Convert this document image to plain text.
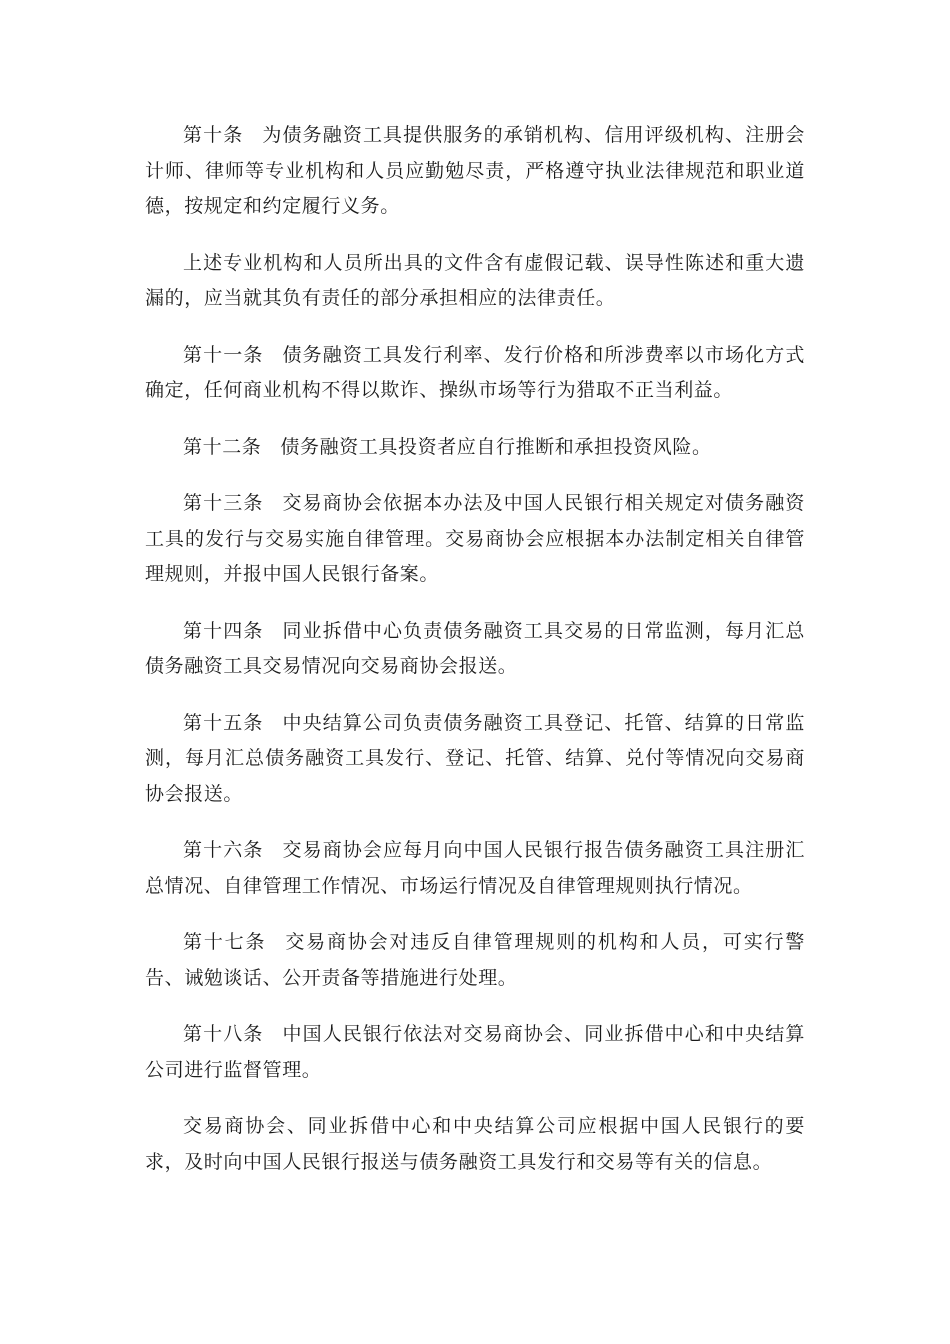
第十条 为债务融资工具提供服务的承销机构、信用评级机构、注册会计师、律师等专业机构和人员应勤勉尽责，严格遵守执业法律规范和职业道德，按规定和约定履行义务。

上述专业机构和人员所出具的文件含有虚假记载、误导性陈述和重大遗漏的，应当就其负有责任的部分承担相应的法律责任。

第十一条 债务融资工具发行利率、发行价格和所涉费率以市场化方式确定，任何商业机构不得以欺诈、操纵市场等行为猎取不正当利益。

第十二条 债务融资工具投资者应自行推断和承担投资风险。

第十三条 交易商协会依据本办法及中国人民银行相关规定对债务融资工具的发行与交易实施自律管理。交易商协会应根据本办法制定相关自律管理规则，并报中国人民银行备案。

第十四条 同业拆借中心负责债务融资工具交易的日常监测，每月汇总债务融资工具交易情况向交易商协会报送。

第十五条 中央结算公司负责债务融资工具登记、托管、结算的日常监测，每月汇总债务融资工具发行、登记、托管、结算、兑付等情况向交易商协会报送。

第十六条 交易商协会应每月向中国人民银行报告债务融资工具注册汇总情况、自律管理工作情况、市场运行情况及自律管理规则执行情况。

第十七条 交易商协会对违反自律管理规则的机构和人员，可实行警告、诫勉谈话、公开责备等措施进行处理。

第十八条 中国人民银行依法对交易商协会、同业拆借中心和中央结算公司进行监督管理。

交易商协会、同业拆借中心和中央结算公司应根据中国人民银行的要求，及时向中国人民银行报送与债务融资工具发行和交易等有关的信息。
